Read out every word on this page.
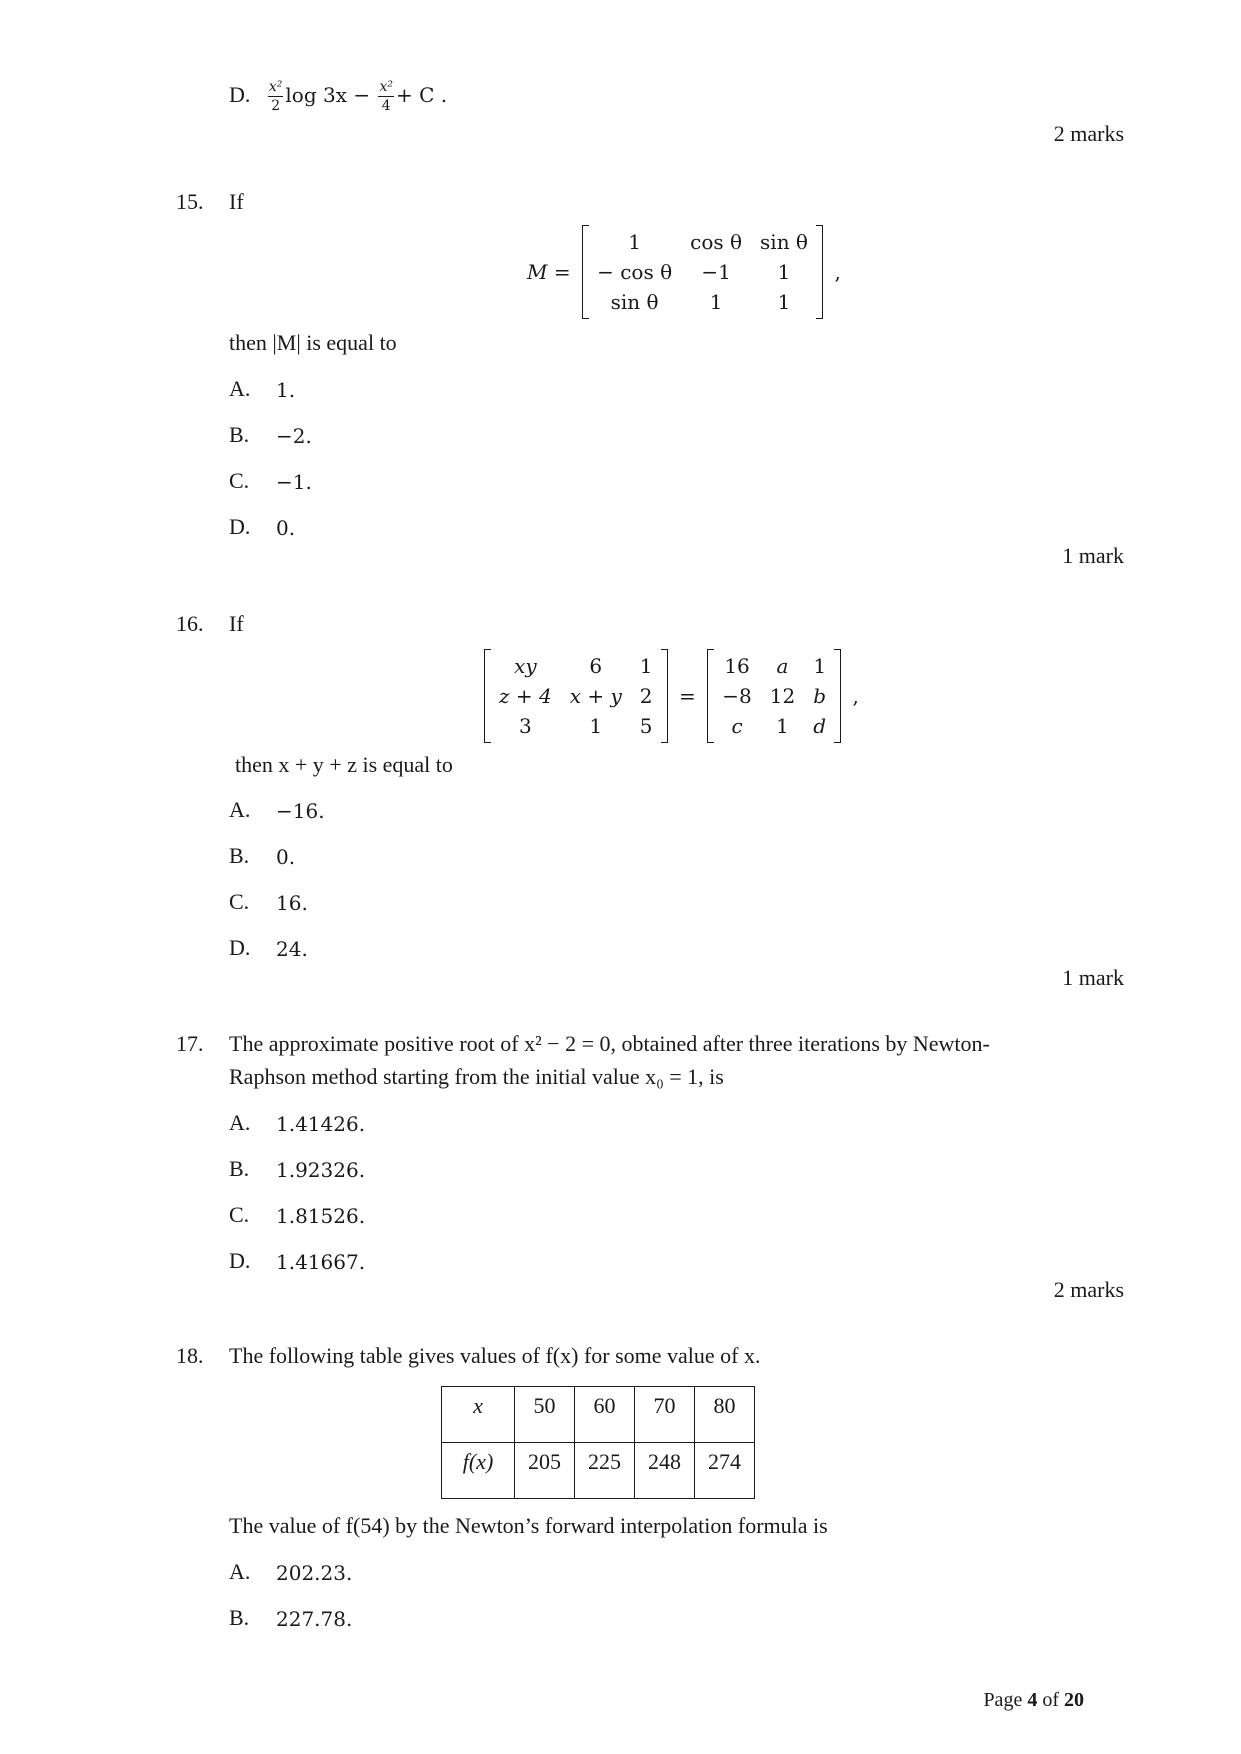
D. $\frac{\text{x²}}{2}$ $\log 3x - \frac{\text{x²}}{4} + C$ .
2 marks
15. If
M =
1	cos θ	sin θ
− cos θ	−1	1
sin θ	1	1
,
then |M| is equal to
A. 1.
B. −2.
C. −1.
D. 0.
1 mark
16. If
xy	6	1
z + 4	x + y	2
3	1	5
=
16	a	1
−8	12	b
c	1	d
,
then x + y + z is equal to
A. −16.
B. 0.
C. 16.
D. 24.
1 mark
17. The approximate positive root of x² − 2 = 0, obtained after three iterations by Newton-
Raphson method starting from the initial value x₀ = 1, is
A. 1.41426.
B. 1.92326.
C. 1.81526.
D. 1.41667.
2 marks
18. The following table gives values of f(x) for some value of x.
x	50	60	70	80
f(x)	205	225	248	274
The value of f(54) by the Newton’s forward interpolation formula is
A. 202.23.
B. 227.78.
Page 4 of 20
